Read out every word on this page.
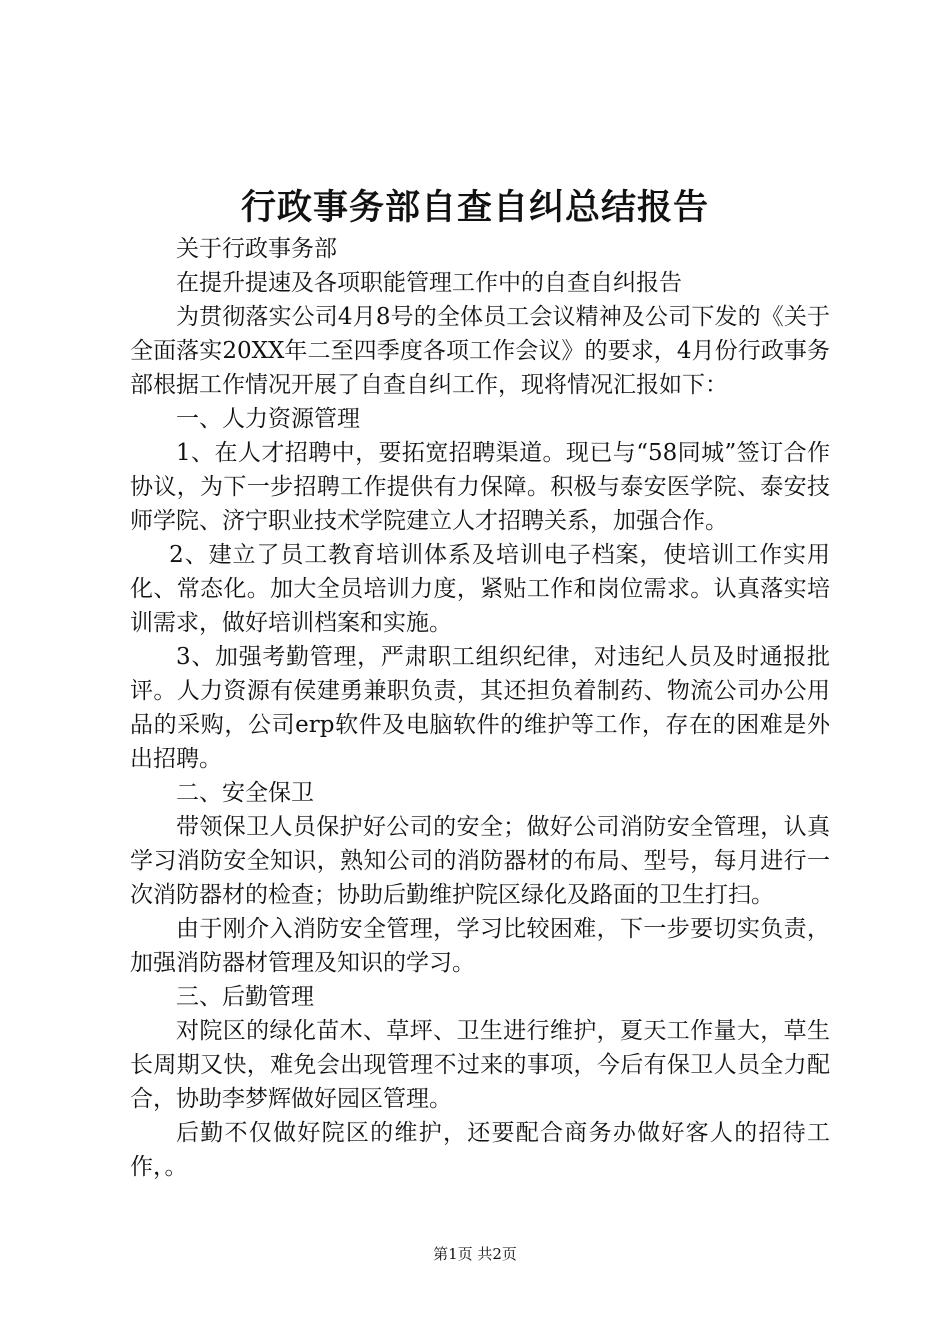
行政事务部自查自纠总结报告

关于行政事务部

在提升提速及各项职能管理工作中的自查自纠报告

为贯彻落实公司4月8号的全体员工会议精神及公司下发的《关于全面落实20XX年二至四季度各项工作会议》的要求，4月份行政事务部根据工作情况开展了自查自纠工作，现将情况汇报如下：

一、人力资源管理

1、在人才招聘中，要拓宽招聘渠道。现已与“58同城”签订合作协议，为下一步招聘工作提供有力保障。积极与泰安医学院、泰安技师学院、济宁职业技术学院建立人才招聘关系，加强合作。

2、建立了员工教育培训体系及培训电子档案，使培训工作实用化、常态化。加大全员培训力度，紧贴工作和岗位需求。认真落实培训需求，做好培训档案和实施。

3、加强考勤管理，严肃职工组织纪律，对违纪人员及时通报批评。人力资源有侯建勇兼职负责，其还担负着制药、物流公司办公用品的采购，公司erp软件及电脑软件的维护等工作，存在的困难是外出招聘。

二、安全保卫

带领保卫人员保护好公司的安全；做好公司消防安全管理，认真学习消防安全知识，熟知公司的消防器材的布局、型号，每月进行一次消防器材的检查；协助后勤维护院区绿化及路面的卫生打扫。

由于刚介入消防安全管理，学习比较困难，下一步要切实负责，加强消防器材管理及知识的学习。

三、后勤管理

对院区的绿化苗木、草坪、卫生进行维护，夏天工作量大，草生长周期又快，难免会出现管理不过来的事项，今后有保卫人员全力配合，协助李梦辉做好园区管理。

后勤不仅做好院区的维护，还要配合商务办做好客人的招待工作，。

第1页 共2页
